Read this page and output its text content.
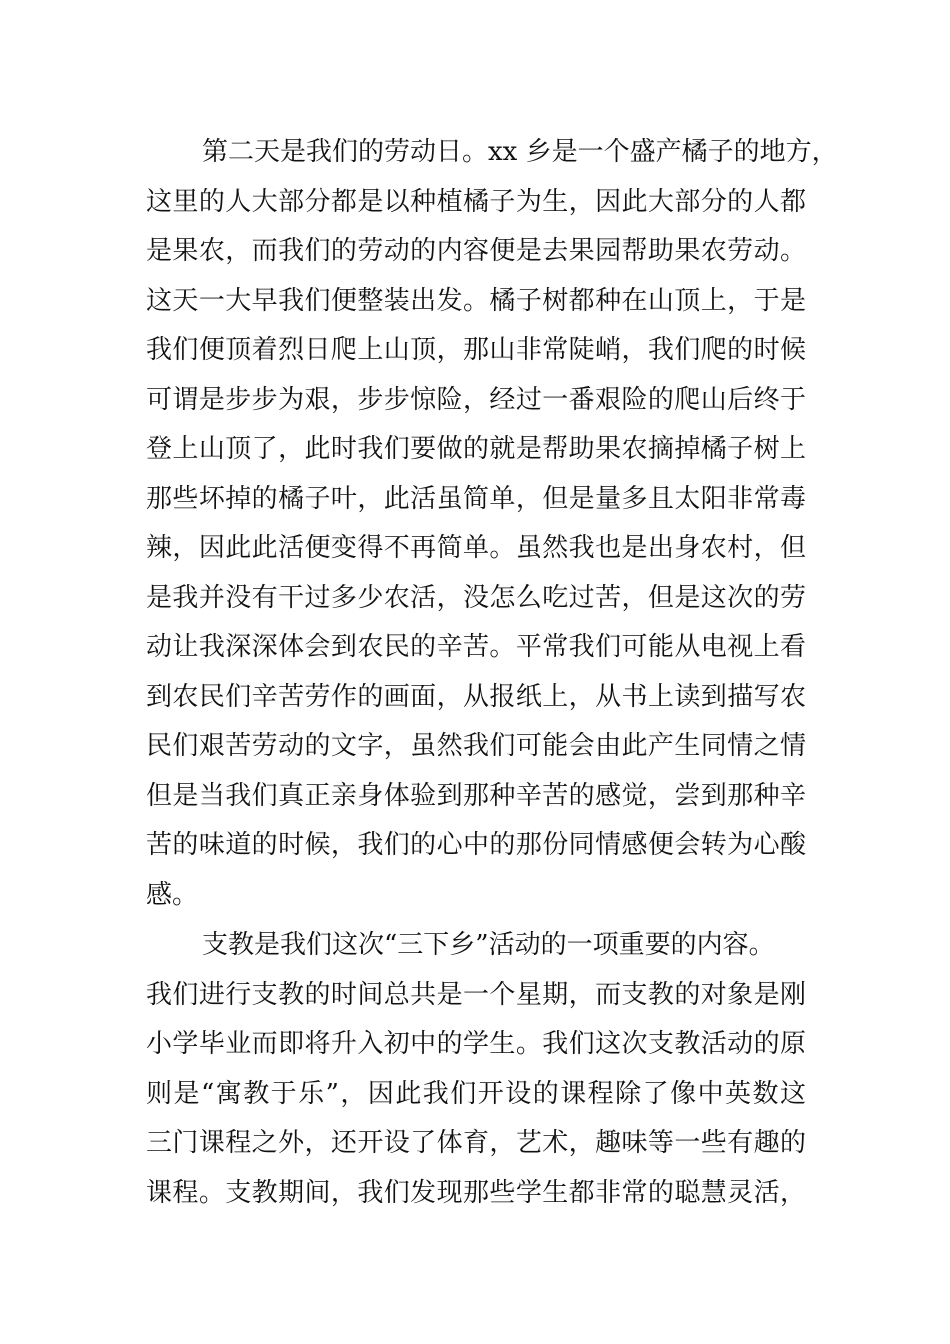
第二天是我们的劳动日。xx 乡是一个盛产橘子的地方，
这里的人大部分都是以种植橘子为生，因此大部分的人都
是果农，而我们的劳动的内容便是去果园帮助果农劳动。
这天一大早我们便整装出发。橘子树都种在山顶上，于是
我们便顶着烈日爬上山顶，那山非常陡峭，我们爬的时候
可谓是步步为艰，步步惊险，经过一番艰险的爬山后终于
登上山顶了，此时我们要做的就是帮助果农摘掉橘子树上
那些坏掉的橘子叶，此活虽简单，但是量多且太阳非常毒
辣，因此此活便变得不再简单。虽然我也是出身农村，但
是我并没有干过多少农活，没怎么吃过苦，但是这次的劳
动让我深深体会到农民的辛苦。平常我们可能从电视上看
到农民们辛苦劳作的画面，从报纸上，从书上读到描写农
民们艰苦劳动的文字，虽然我们可能会由此产生同情之情
但是当我们真正亲身体验到那种辛苦的感觉，尝到那种辛
苦的味道的时候，我们的心中的那份同情感便会转为心酸
感。
支教是我们这次“三下乡”活动的一项重要的内容。
我们进行支教的时间总共是一个星期，而支教的对象是刚
小学毕业而即将升入初中的学生。我们这次支教活动的原
则是“寓教于乐”，因此我们开设的课程除了像中英数这
三门课程之外，还开设了体育，艺术，趣味等一些有趣的
课程。支教期间，我们发现那些学生都非常的聪慧灵活，
